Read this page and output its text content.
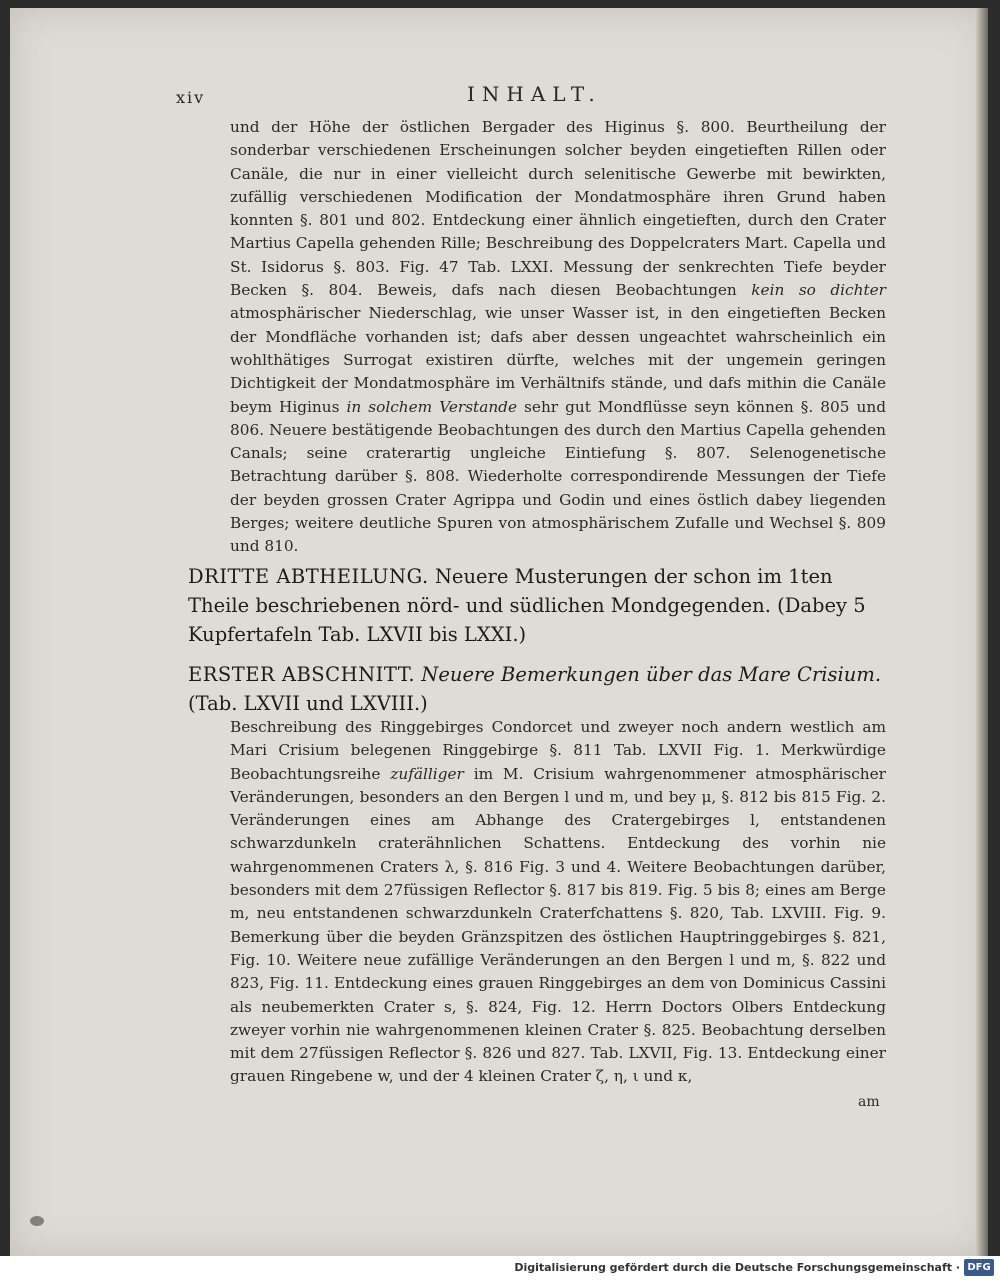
xiv	INHALT.

und der Höhe der östlichen Bergader des Higinus §. 800. Beurtheilung der sonderbar verschiedenen Erscheinungen solcher beyden eingetieften Rillen oder Canäle, die nur in einer vielleicht durch selenitische Gewerbe mit bewirkten, zufällig verschiedenen Modification der Mondatmosphäre ihren Grund haben konnten §. 801 und 802. Entdeckung einer ähnlich eingetieften, durch den Crater Martius Capella gehenden Rille; Beschreibung des Doppelcraters Mart. Capella und St. Isidorus §. 803. Fig. 47 Tab. LXXI. Messung der senkrechten Tiefe beyder Becken §. 804. Beweis, dafs nach diesen Beobachtungen kein so dichter atmosphärischer Niederschlag, wie unser Wasser ist, in den eingetieften Becken der Mondfläche vorhanden ist; dafs aber dessen ungeachtet wahrscheinlich ein wohlthätiges Surrogat existiren dürfte, welches mit der ungemein geringen Dichtigkeit der Mondatmosphäre im Verhältnifs stände, und dafs mithin die Canäle beym Higinus in solchem Verstande sehr gut Mondflüsse seyn können §. 805 und 806. Neuere bestätigende Beobachtungen des durch den Martius Capella gehenden Canals; seine craterartig ungleiche Eintiefung §. 807. Selenogenetische Betrachtung darüber §. 808. Wiederholte correspondirende Messungen der Tiefe der beyden grossen Crater Agrippa und Godin und eines östlich dabey liegenden Berges; weitere deutliche Spuren von atmosphärischem Zufalle und Wechsel §. 809 und 810.

DRITTE ABTHEILUNG. Neuere Musterungen der schon im 1ten Theile beschriebenen nörd- und südlichen Mondgegenden. (Dabey 5 Kupfertafeln Tab. LXVII bis LXXI.)

ERSTER ABSCHNITT. Neuere Bemerkungen über das Mare Crisium. (Tab. LXVII und LXVIII.)

Beschreibung des Ringgebirges Condorcet und zweyer noch andern westlich am Mari Crisium belegenen Ringgebirge §. 811 Tab. LXVII Fig. 1. Merkwürdige Beobachtungsreihe zufälliger im M. Crisium wahrgenommener atmosphärischer Veränderungen, besonders an den Bergen l und m, und bey μ, §. 812 bis 815 Fig. 2. Veränderungen eines am Abhange des Cratergebirges l, entstandenen schwarzdunkeln craterähnlichen Schattens. Entdeckung des vorhin nie wahrgenommenen Craters λ, §. 816 Fig. 3 und 4. Weitere Beobachtungen darüber, besonders mit dem 27füssigen Reflector §. 817 bis 819. Fig. 5 bis 8; eines am Berge m, neu entstandenen schwarzdunkeln Craterfchattens §. 820, Tab. LXVIII. Fig. 9. Bemerkung über die beyden Gränzspitzen des östlichen Hauptringgebirges §. 821, Fig. 10. Weitere neue zufällige Veränderungen an den Bergen l und m, §. 822 und 823, Fig. 11. Entdeckung eines grauen Ringgebirges an dem von Dominicus Cassini als neubemerkten Crater s, §. 824, Fig. 12. Herrn Doctors Olbers Entdeckung zweyer vorhin nie wahrgenommenen kleinen Crater §. 825. Beobachtung derselben mit dem 27füssigen Reflector §. 826 und 827. Tab. LXVII, Fig. 13. Entdeckung einer grauen Ringebene w, und der 4 kleinen Crater ζ, η, ι und κ,

am
Digitalisierung gefördert durch die Deutsche Forschungsgemeinschaft · DFG
